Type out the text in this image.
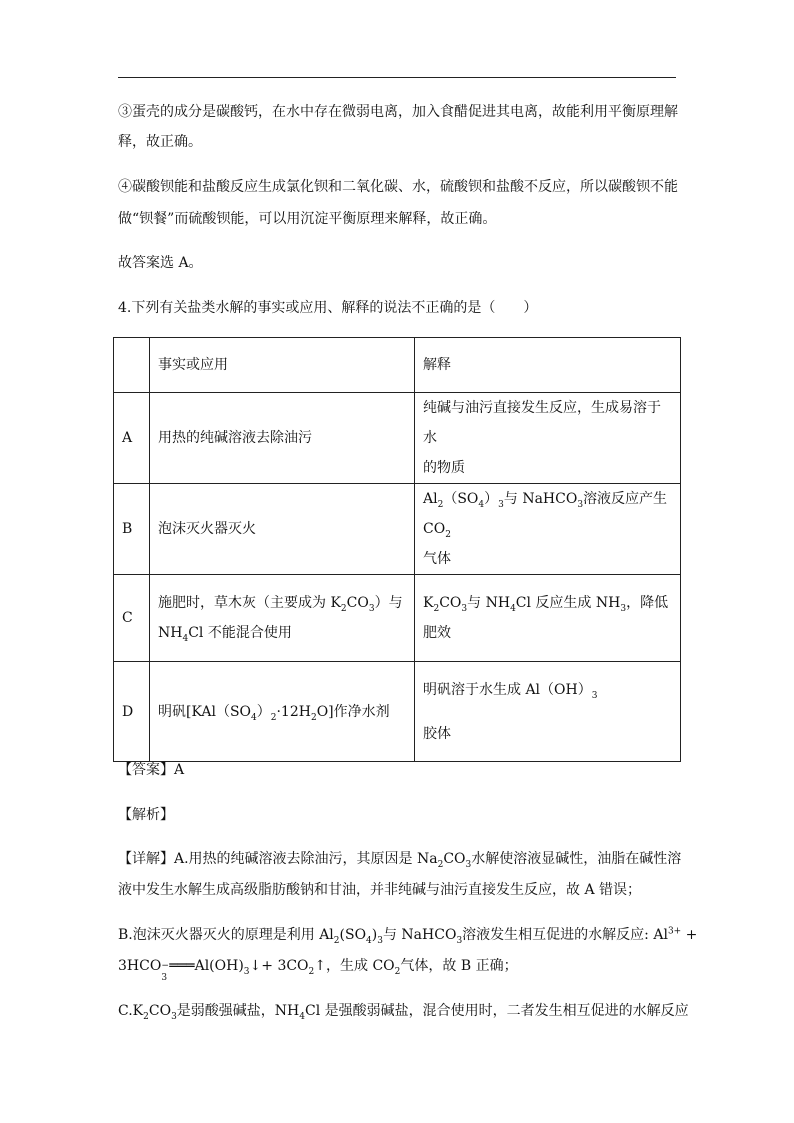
③蛋壳的成分是碳酸钙，在水中存在微弱电离，加入食醋促进其电离，故能利用平衡原理解
释，故正确。
④碳酸钡能和盐酸反应生成氯化钡和二氧化碳、水，硫酸钡和盐酸不反应，所以碳酸钡不能
做“钡餐”而硫酸钡能，可以用沉淀平衡原理来解释，故正确。
故答案选 A。
4.下列有关盐类水解的事实或应用、解释的说法不正确的是（　　）
	事实或应用	解释
A	用热的纯碱溶液去除油污	纯碱与油污直接发生反应，生成易溶于水
的物质
B	泡沫灭火器灭火	$Al_2(SO_4)_3$与 NaHCO$_3$溶液反应产生 $CO_2$
气体
C	施肥时，草木灰（主要成为 $K_2CO_3$）与
$NH_4Cl$ 不能混合使用	$K_2CO_3$与 $NH_4Cl$ 反应生成 $NH_3$，降低肥效
D	明矾$[KAl(SO_4)_2\cdot 12H_2O]$作净水剂	明矾溶于水生成 $Al(OH)_3$
胶体
【答案】A
【解析】
【详解】A.用热的纯碱溶液去除油污，其原因是 $Na_2CO_3$水解使溶液显碱性，油脂在碱性溶
液中发生水解生成高级脂肪酸钠和甘油，并非纯碱与油污直接发生反应，故 A 错误；
B.泡沫灭火器灭火的原理是利用 $Al_2(SO_4)_3$与 NaHCO$_3$溶液发生相互促进的水解反应: $Al^{3+}$ +
3HCO −
3
$═══Al(OH)_3↓+$ $3CO_2↑$，生成 $CO_2$气体，故 B 正确；
$C.K_2CO_3$是弱酸强碱盐，$NH_4Cl$ 是强酸弱碱盐，混合使用时，二者发生相互促进的水解反应
